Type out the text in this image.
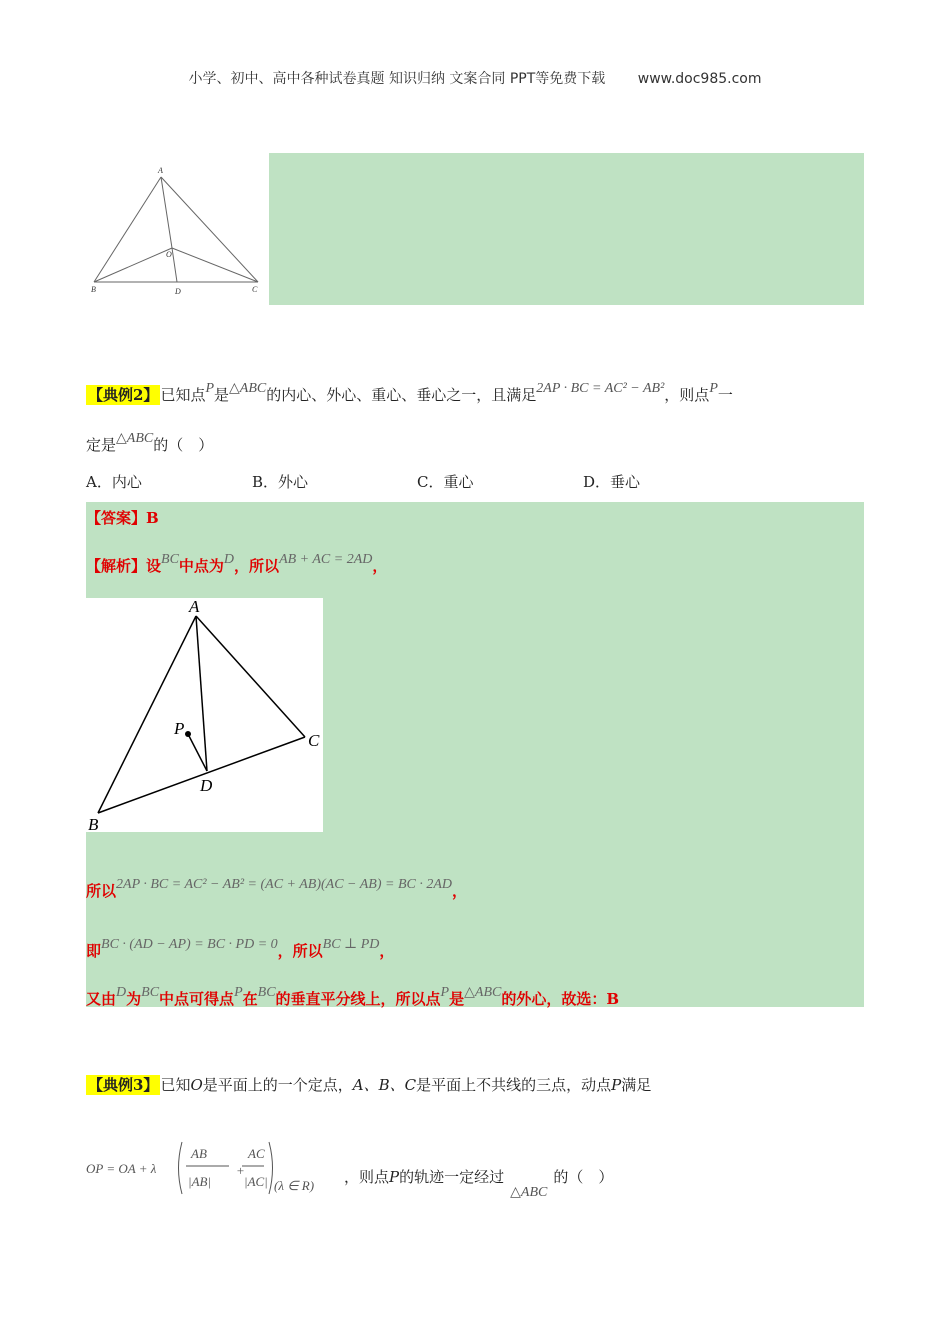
小学、初中、高中各种试卷真题 知识归纳 文案合同 PPT等免费下载 www.doc985.com
A
O
B	D	C
【典例2】 已知点P是△ABC的内心、外心、重心、垂心之一，且满足2AP · BC = AC² − AB²，则点P一
定是△ABC的（　）
A．内心	B．外心	C．重心	D．垂心
【答案】B
【解析】设BC中点为D，所以AB + AC = 2AD，
A
P
C
D
B
所以2AP · BC = AC² − AB² = (AC + AB)(AC − AB) = BC · 2AD，
即BC · (AD − AP) = BC · PD = 0，所以BC ⊥ PD，
又由D为BC中点可得点P在BC的垂直平分线上，所以点P是△ABC的外心，故选：B
【典例3】 已知O是平面上的一个定点，A、B、C是平面上不共线的三点，动点P满足
OP = OA + λ
AB
|AB|
+
AC
|AC| (λ ∈ R) ，则点P的轨迹一定经过△ABC的（　）
